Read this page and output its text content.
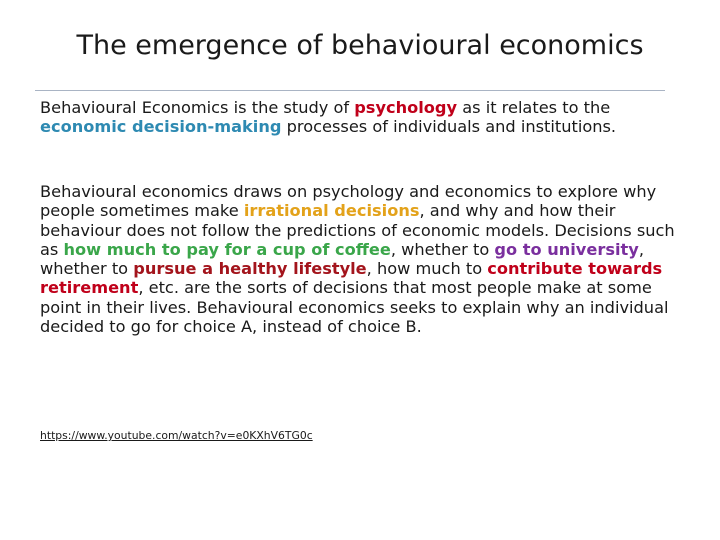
The emergence of behavioural economics
Behavioural Economics is the study of psychology as it relates to the
economic decision-making processes of individuals and institutions.
Behavioural economics draws on psychology and economics to explore why people sometimes make irrational decisions, and why and how their behaviour does not follow the predictions of economic models. Decisions such as how much to pay for a cup of coffee, whether to go to university, whether to pursue a healthy lifestyle, how much to contribute towards retirement, etc. are the sorts of decisions that most people make at some point in their lives. Behavioural economics seeks to explain why an individual decided to go for choice A, instead of choice B.
https://www.youtube.com/watch?v=e0KXhV6TG0c
